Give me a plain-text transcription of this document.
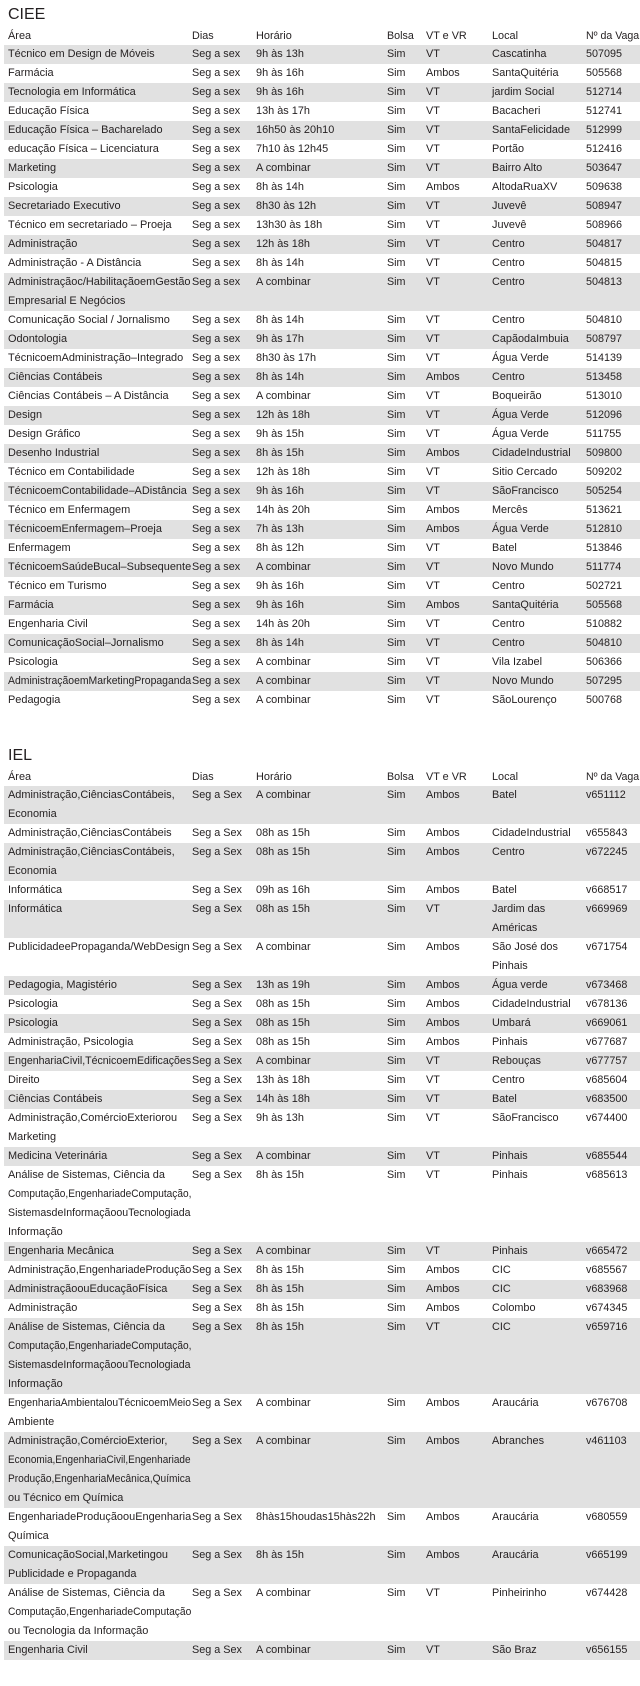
CIEE
Área	Dias	Horário	Bolsa	VT e VR	Local	Nº da Vaga

Técnico em Design de Móveis	Seg a sex	9h às 13h	Sim	VT	Cascatinha	507095

Farmácia	Seg a sex	9h às 16h	Sim	Ambos	SantaQuitéria	505568

Tecnologia em Informática	Seg a sex	9h às 16h	Sim	VT	jardim Social	512714

Educação Física	Seg a sex	13h às 17h	Sim	VT	Bacacheri	512741

Educação Física – Bacharelado	Seg a sex	16h50 às 20h10	Sim	VT	SantaFelicidade	512999

educação Física – Licenciatura	Seg a sex	7h10 às 12h45	Sim	VT	Portão	512416

Marketing	Seg a sex	A combinar	Sim	VT	Bairro Alto	503647

Psicologia	Seg a sex	8h às 14h	Sim	Ambos	AltodaRuaXV	509638

Secretariado Executivo	Seg a sex	8h30 às 12h	Sim	VT	Juvevê	508947

Técnico em secretariado – Proeja	Seg a sex	13h30 às 18h	Sim	VT	Juvevê	508966

Administração	Seg a sex	12h às 18h	Sim	VT	Centro	504817

Administração - A Distância	Seg a sex	8h às 14h	Sim	VT	Centro	504815

Administraçãoc/HabilitaçãoemGestão
Empresarial E Negócios	Seg a sex	A combinar	Sim	VT	Centro	504813

Comunicação Social / Jornalismo	Seg a sex	8h às 14h	Sim	VT	Centro	504810

Odontologia	Seg a sex	9h às 17h	Sim	VT	CapãodaImbuia	508797

TécnicoemAdministração–Integrado	Seg a sex	8h30 às 17h	Sim	VT	Água Verde	514139

Ciências Contábeis	Seg a sex	8h às 14h	Sim	Ambos	Centro	513458

Ciências Contábeis – A Distância	Seg a sex	A combinar	Sim	VT	Boqueirão	513010

Design	Seg a sex	12h às 18h	Sim	VT	Água Verde	512096

Design Gráfico	Seg a sex	9h às 15h	Sim	VT	Água Verde	511755

Desenho Industrial	Seg a sex	8h às 15h	Sim	Ambos	CidadeIndustrial	509800

Técnico em Contabilidade	Seg a sex	12h às 18h	Sim	VT	Sitio Cercado	509202

TécnicoemContabilidade–ADistância	Seg a sex	9h às 16h	Sim	VT	SãoFrancisco	505254

Técnico em Enfermagem	Seg a sex	14h às 20h	Sim	Ambos	Mercês	513621

TécnicoemEnfermagem–Proeja	Seg a sex	7h às 13h	Sim	Ambos	Água Verde	512810

Enfermagem	Seg a sex	8h às 12h	Sim	VT	Batel	513846

TécnicoemSaúdeBucal–Subsequente	Seg a sex	A combinar	Sim	VT	Novo Mundo	511774

Técnico em Turismo	Seg a sex	9h às 16h	Sim	VT	Centro	502721

Farmácia	Seg a sex	9h às 16h	Sim	Ambos	SantaQuitéria	505568

Engenharia Civil	Seg a sex	14h às 20h	Sim	VT	Centro	510882

ComunicaçãoSocial–Jornalismo	Seg a sex	8h às 14h	Sim	VT	Centro	504810

Psicologia	Seg a sex	A combinar	Sim	VT	Vila Izabel	506366

AdministraçãoemMarketingPropaganda	Seg a sex	A combinar	Sim	VT	Novo Mundo	507295

Pedagogia	Seg a sex	A combinar	Sim	VT	SãoLourenço	500768
IEL
Área	Dias	Horário	Bolsa	VT e VR	Local	Nº da Vaga

Administração,CiênciasContábeis,
Economia	Seg a Sex	A combinar	Sim	Ambos	Batel	v651112

Administração,CiênciasContábeis	Seg a Sex	08h as 15h	Sim	Ambos	CidadeIndustrial	v655843

Administração,CiênciasContábeis,
Economia	Seg a Sex	08h as 15h	Sim	Ambos	Centro	v672245

Informática	Seg a Sex	09h as 16h	Sim	Ambos	Batel	v668517

Informática	Seg a Sex	08h as 15h	Sim	VT	Jardim das
Américas	v669969

PublicidadeePropaganda/WebDesign	Seg a Sex	A combinar	Sim	Ambos	São José dos
Pinhais	v671754

Pedagogia, Magistério	Seg a Sex	13h as 19h	Sim	Ambos	Água verde	v673468

Psicologia	Seg a Sex	08h as 15h	Sim	Ambos	CidadeIndustrial	v678136

Psicologia	Seg a Sex	08h as 15h	Sim	Ambos	Umbará	v669061

Administração, Psicologia	Seg a Sex	08h as 15h	Sim	Ambos	Pinhais	v677687

EngenhariaCivil,TécnicoemEdificações	Seg a Sex	A combinar	Sim	VT	Rebouças	v677757

Direito	Seg a Sex	13h às 18h	Sim	VT	Centro	v685604

Ciências Contábeis	Seg a Sex	14h às 18h	Sim	VT	Batel	v683500

Administração,ComércioExteriorou
Marketing	Seg a Sex	9h às 13h	Sim	VT	SãoFrancisco	v674400

Medicina Veterinária	Seg a Sex	A combinar	Sim	VT	Pinhais	v685544

Análise de Sistemas, Ciência da
Computação,EngenhariadeComputação,
SistemasdeInformaçãoouTecnologiada
Informação	Seg a Sex	8h às 15h	Sim	VT	Pinhais	v685613

Engenharia Mecânica	Seg a Sex	A combinar	Sim	VT	Pinhais	v665472

Administração,EngenhariadeProdução	Seg a Sex	8h às 15h	Sim	Ambos	CIC	v685567

AdministraçãoouEducaçãoFísica	Seg a Sex	8h às 15h	Sim	Ambos	CIC	v683968

Administração	Seg a Sex	8h às 15h	Sim	Ambos	Colombo	v674345

Análise de Sistemas, Ciência da
Computação,EngenhariadeComputação,
SistemasdeInformaçãoouTecnologiada
Informação	Seg a Sex	8h às 15h	Sim	VT	CIC	v659716

EngenhariaAmbientalouTécnicoemMeio
Ambiente	Seg a Sex	A combinar	Sim	Ambos	Araucária	v676708

Administração,ComércioExterior,
Economia,EngenhariaCivil,Engenhariade
Produção,EngenhariaMecânica,Química
ou Técnico em Química	Seg a Sex	A combinar	Sim	Ambos	Abranches	v461103

EngenhariadeProduçãoouEngenharia
Química	Seg a Sex	8hàs15houdas15hàs22h	Sim	Ambos	Araucária	v680559

ComunicaçãoSocial,Marketingou
Publicidade e Propaganda	Seg a Sex	8h às 15h	Sim	Ambos	Araucária	v665199

Análise de Sistemas, Ciência da
Computação,EngenhariadeComputação
ou Tecnologia da Informação	Seg a Sex	A combinar	Sim	VT	Pinheirinho	v674428

Engenharia Civil	Seg a Sex	A combinar	Sim	VT	São Braz	v656155
